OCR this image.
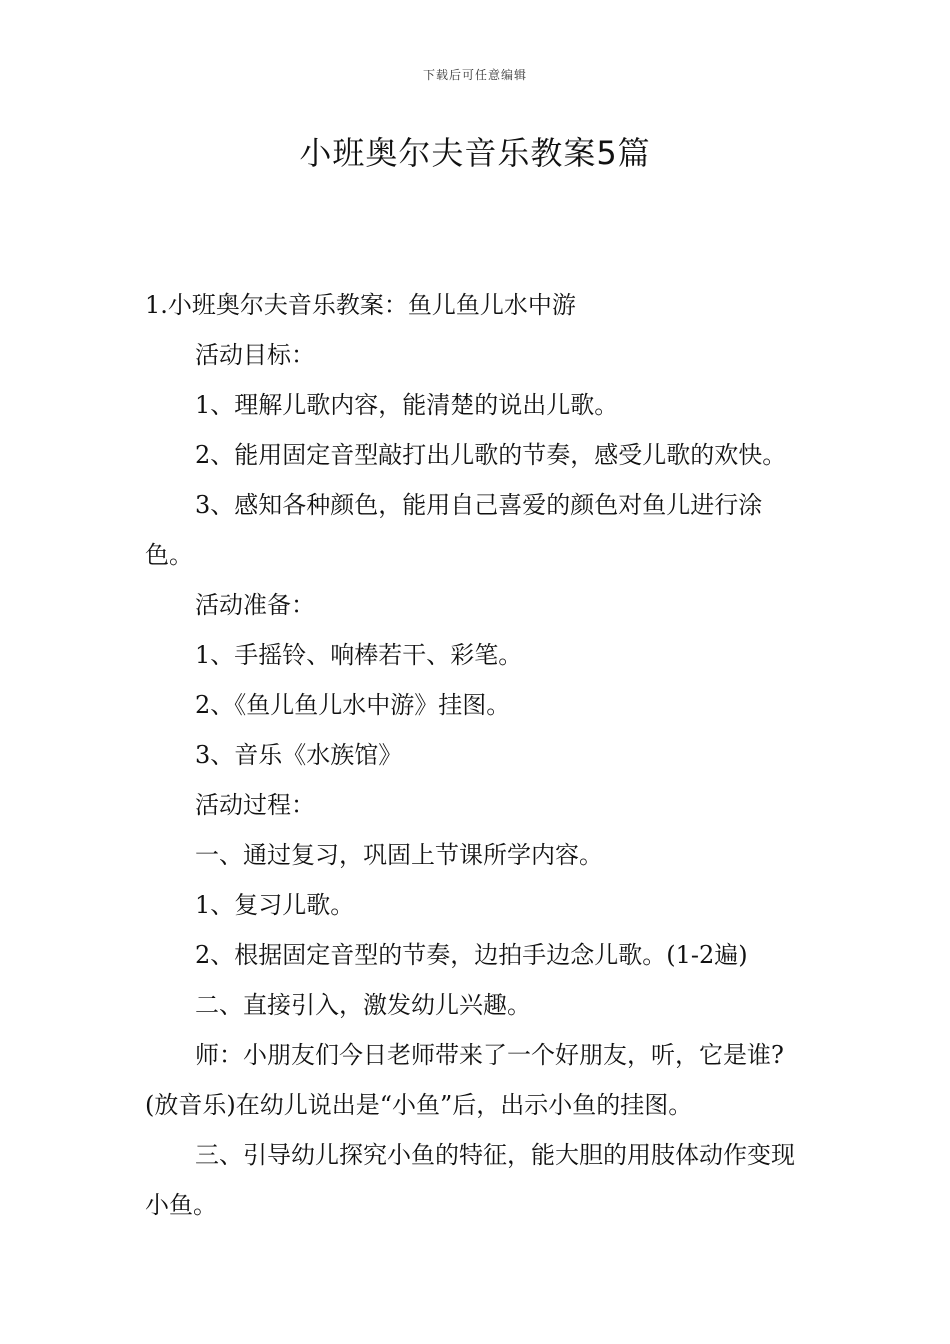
下载后可任意编辑
小班奥尔夫音乐教案5篇

1.小班奥尔夫音乐教案：鱼儿鱼儿水中游

活动目标：

1、理解儿歌内容，能清楚的说出儿歌。

2、能用固定音型敲打出儿歌的节奏，感受儿歌的欢快。

3、感知各种颜色，能用自己喜爱的颜色对鱼儿进行涂色。

活动准备：

1、手摇铃、响棒若干、彩笔。

2、《鱼儿鱼儿水中游》挂图。

3、音乐《水族馆》

活动过程：

一、通过复习，巩固上节课所学内容。

1、复习儿歌。

2、根据固定音型的节奏，边拍手边念儿歌。(1-2遍)

二、直接引入，激发幼儿兴趣。

师：小朋友们今日老师带来了一个好朋友，听，它是谁?(放音乐)在幼儿说出是“小鱼”后，出示小鱼的挂图。

三、引导幼儿探究小鱼的特征，能大胆的用肢体动作变现小鱼。
